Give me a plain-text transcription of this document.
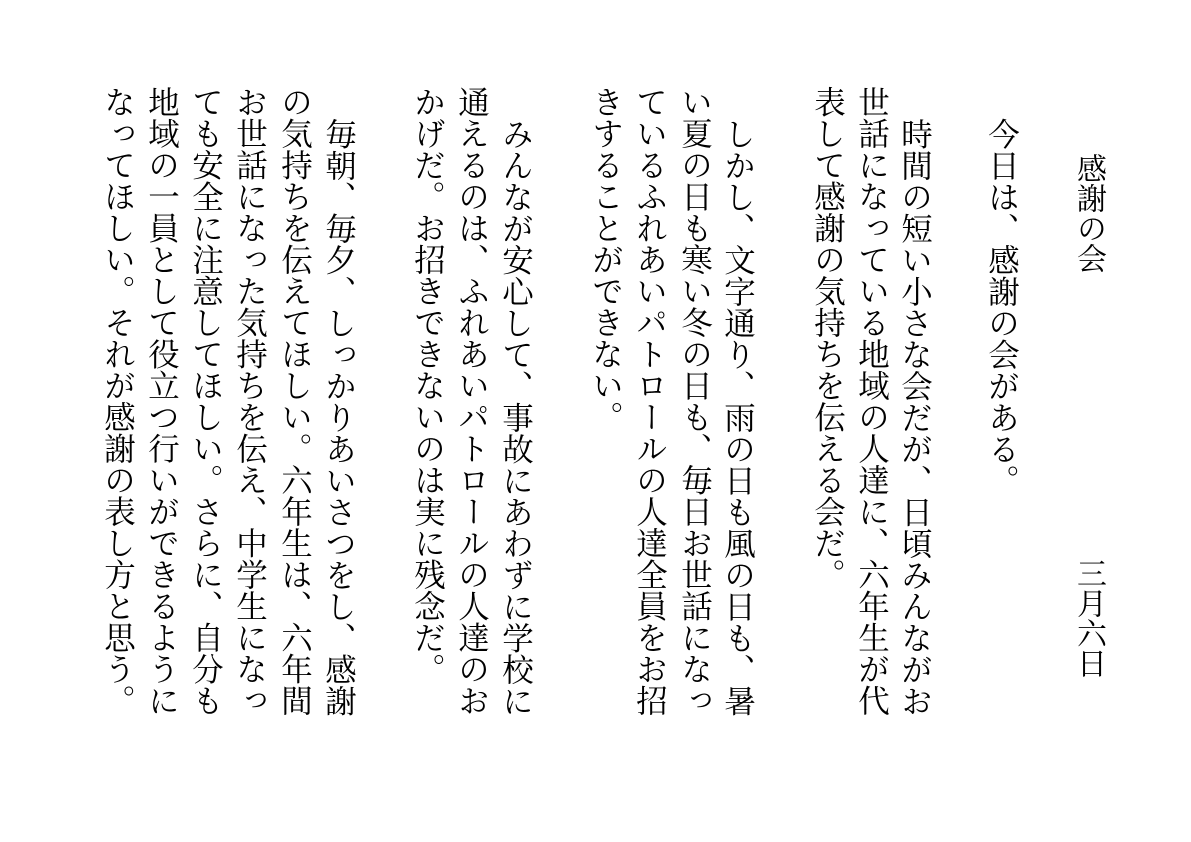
感謝の会
三月六日
今日は、感謝の会がある。
時間の短い小さな会だが、日頃みんながお
世話になっている地域の人達に、六年生が代
表して感謝の気持ちを伝える会だ。
しかし、文字通り、雨の日も風の日も、暑
い夏の日も寒い冬の日も、毎日お世話になっ
ているふれあいパトロールの人達全員をお招
きすることができない。
みんなが安心して、事故にあわずに学校に
通えるのは、ふれあいパトロールの人達のお
かげだ。お招きできないのは実に残念だ。
毎朝、毎夕、しっかりあいさつをし、感謝
の気持ちを伝えてほしい。六年生は、六年間
お世話になった気持ちを伝え、中学生になっ
ても安全に注意してほしい。さらに、自分も
地域の一員として役立つ行いができるように
なってほしい。それが感謝の表し方と思う。
